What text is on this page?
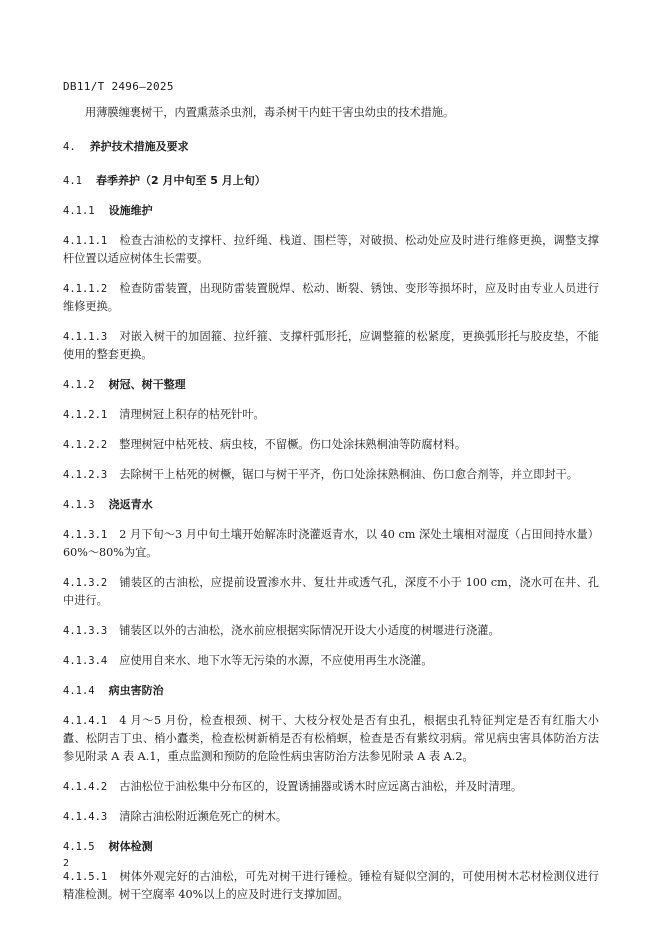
DB11/T 2496—2025

用薄膜缠裹树干，内置熏蒸杀虫剂，毒杀树干内蛀干害虫幼虫的技术措施。

4. 养护技术措施及要求

4.1 春季养护（2 月中旬至 5 月上旬）

4.1.1 设施维护

4.1.1.1 检查古油松的支撑杆、拉纤绳、栈道、围栏等，对破损、松动处应及时进行维修更换，调整支撑杆位置以适应树体生长需要。

4.1.1.2 检查防雷装置，出现防雷装置脱焊、松动、断裂、锈蚀、变形等损坏时，应及时由专业人员进行维修更换。

4.1.1.3 对嵌入树干的加固箍、拉纤箍、支撑杆弧形托，应调整箍的松紧度，更换弧形托与胶皮垫，不能使用的整套更换。

4.1.2 树冠、树干整理

4.1.2.1 清理树冠上积存的枯死针叶。

4.1.2.2 整理树冠中枯死枝、病虫枝，不留橛。伤口处涂抹熟桐油等防腐材料。

4.1.2.3 去除树干上枯死的树橛，锯口与树干平齐，伤口处涂抹熟桐油、伤口愈合剂等，并立即封干。

4.1.3 浇返青水

4.1.3.1 2 月下旬～3 月中旬土壤开始解冻时浇灌返青水，以 40 cm 深处土壤相对湿度（占田间持水量）60%～80%为宜。

4.1.3.2 铺装区的古油松，应提前设置渗水井、复壮井或透气孔，深度不小于 100 cm，浇水可在井、孔中进行。

4.1.3.3 铺装区以外的古油松，浇水前应根据实际情况开设大小适度的树堰进行浇灌。

4.1.3.4 应使用自来水、地下水等无污染的水源，不应使用再生水浇灌。

4.1.4 病虫害防治

4.1.4.1 4 月～5 月份，检查根颈、树干、大枝分杈处是否有虫孔，根据虫孔特征判定是否有红脂大小蠹、松阴吉丁虫、梢小蠹类，检查松树新梢是否有松梢螟，检查是否有紫纹羽病。常见病虫害具体防治方法参见附录 A 表 A.1，重点监测和预防的危险性病虫害防治方法参见附录 A 表 A.2。

4.1.4.2 古油松位于油松集中分布区的，设置诱捕器或诱木时应远离古油松，并及时清理。

4.1.4.3 清除古油松附近濒危死亡的树木。

4.1.5 树体检测

4.1.5.1 树体外观完好的古油松，可先对树干进行锤检。锤检有疑似空洞的，可使用树木芯材检测仪进行精准检测。树干空腐率 40%以上的应及时进行支撑加固。

2
